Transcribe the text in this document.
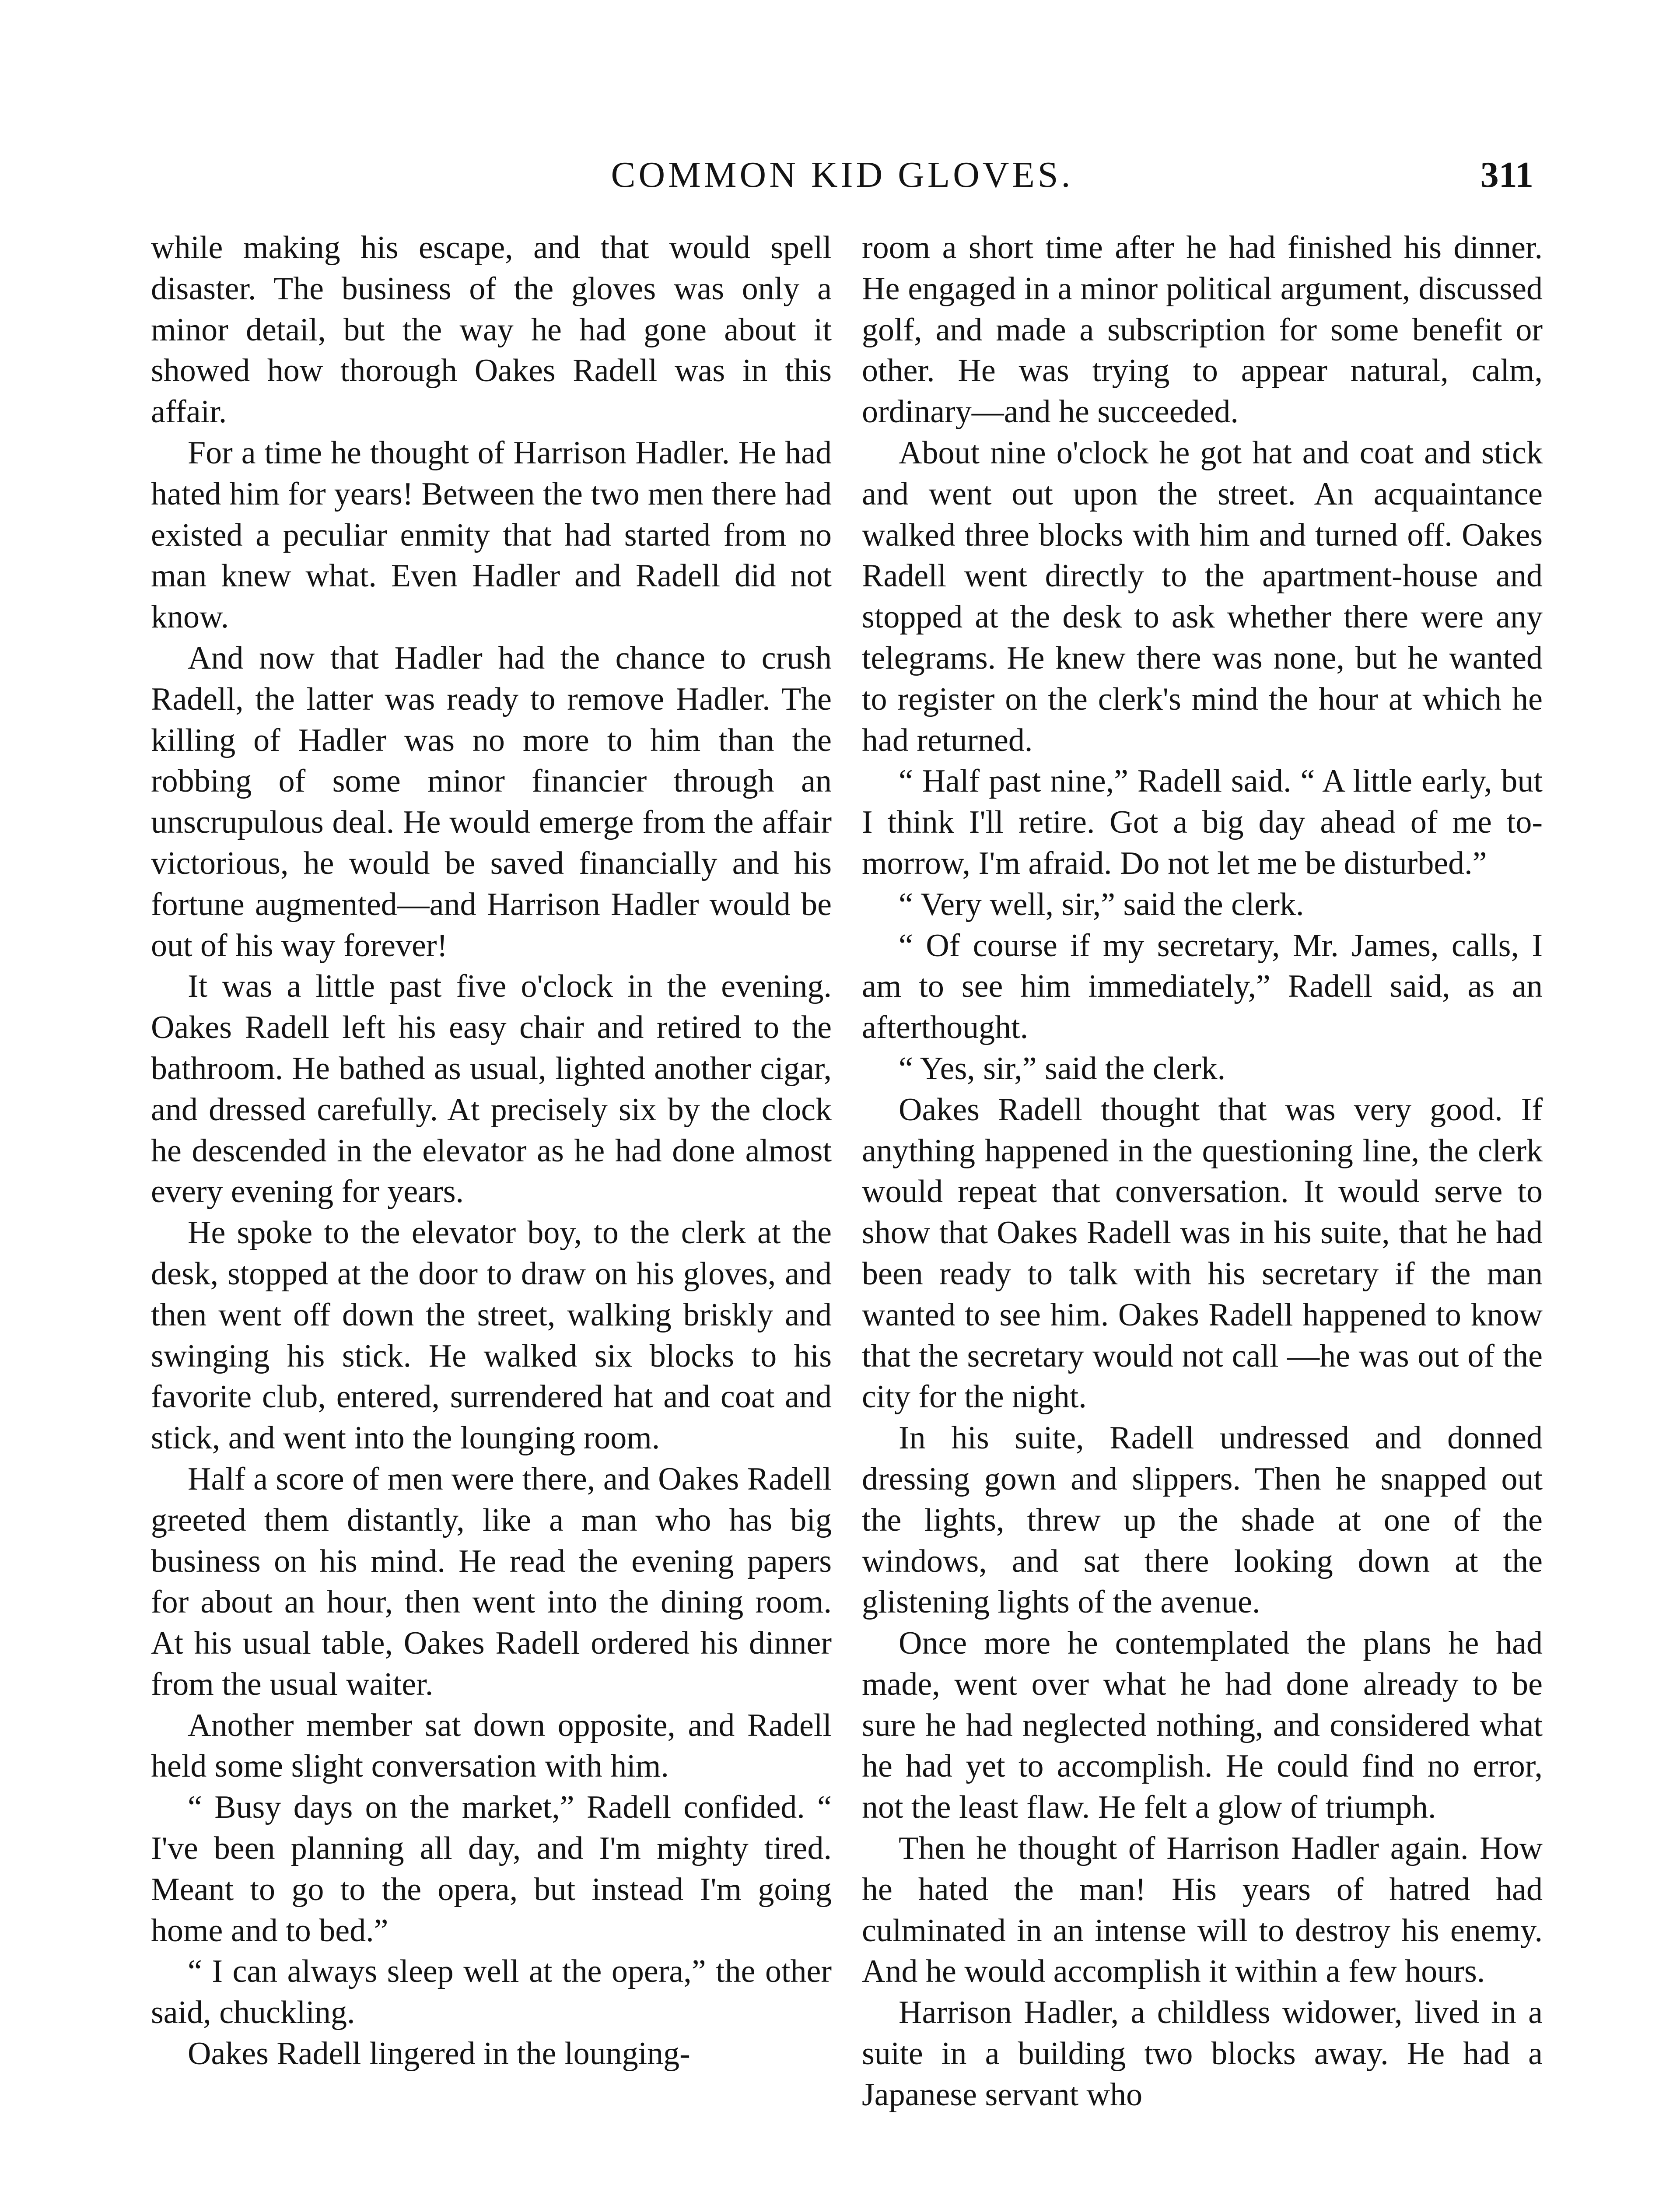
COMMON KID GLOVES.	311

while making his escape, and that would spell disaster. The business of the gloves was only a minor detail, but the way he had gone about it showed how thorough Oakes Radell was in this affair.

For a time he thought of Harrison Hadler. He had hated him for years! Between the two men there had existed a peculiar enmity that had started from no man knew what. Even Hadler and Radell did not know.

And now that Hadler had the chance to crush Radell, the latter was ready to remove Hadler. The killing of Hadler was no more to him than the robbing of some minor financier through an unscrupulous deal. He would emerge from the affair victorious, he would be saved financially and his fortune augmented—and Harrison Hadler would be out of his way forever!

It was a little past five o'clock in the evening. Oakes Radell left his easy chair and retired to the bathroom. He bathed as usual, lighted another cigar, and dressed carefully. At precisely six by the clock he descended in the elevator as he had done almost every evening for years.

He spoke to the elevator boy, to the clerk at the desk, stopped at the door to draw on his gloves, and then went off down the street, walking briskly and swinging his stick. He walked six blocks to his favorite club, entered, surrendered hat and coat and stick, and went into the lounging room.

Half a score of men were there, and Oakes Radell greeted them distantly, like a man who has big business on his mind. He read the evening papers for about an hour, then went into the dining room. At his usual table, Oakes Radell ordered his dinner from the usual waiter.

Another member sat down opposite, and Radell held some slight conversation with him.

“ Busy days on the market,” Radell confided. “ I've been planning all day, and I'm mighty tired. Meant to go to the opera, but instead I'm going home and to bed.”

“ I can always sleep well at the opera,” the other said, chuckling.

Oakes Radell lingered in the lounging-

room a short time after he had finished his dinner. He engaged in a minor political argument, discussed golf, and made a subscription for some benefit or other. He was trying to appear natural, calm, ordinary—and he succeeded.

About nine o'clock he got hat and coat and stick and went out upon the street. An acquaintance walked three blocks with him and turned off. Oakes Radell went directly to the apartment-house and stopped at the desk to ask whether there were any telegrams. He knew there was none, but he wanted to register on the clerk's mind the hour at which he had returned.

“ Half past nine,” Radell said. “ A little early, but I think I'll retire. Got a big day ahead of me to-morrow, I'm afraid. Do not let me be disturbed.”

“ Very well, sir,” said the clerk.

“ Of course if my secretary, Mr. James, calls, I am to see him immediately,” Radell said, as an afterthought.

“ Yes, sir,” said the clerk.

Oakes Radell thought that was very good. If anything happened in the questioning line, the clerk would repeat that conversation. It would serve to show that Oakes Radell was in his suite, that he had been ready to talk with his secretary if the man wanted to see him. Oakes Radell happened to know that the secretary would not call —he was out of the city for the night.

In his suite, Radell undressed and donned dressing gown and slippers. Then he snapped out the lights, threw up the shade at one of the windows, and sat there looking down at the glistening lights of the avenue.

Once more he contemplated the plans he had made, went over what he had done already to be sure he had neglected nothing, and considered what he had yet to accomplish. He could find no error, not the least flaw. He felt a glow of triumph.

Then he thought of Harrison Hadler again. How he hated the man! His years of hatred had culminated in an intense will to destroy his enemy. And he would accomplish it within a few hours.

Harrison Hadler, a childless widower, lived in a suite in a building two blocks away. He had a Japanese servant who
